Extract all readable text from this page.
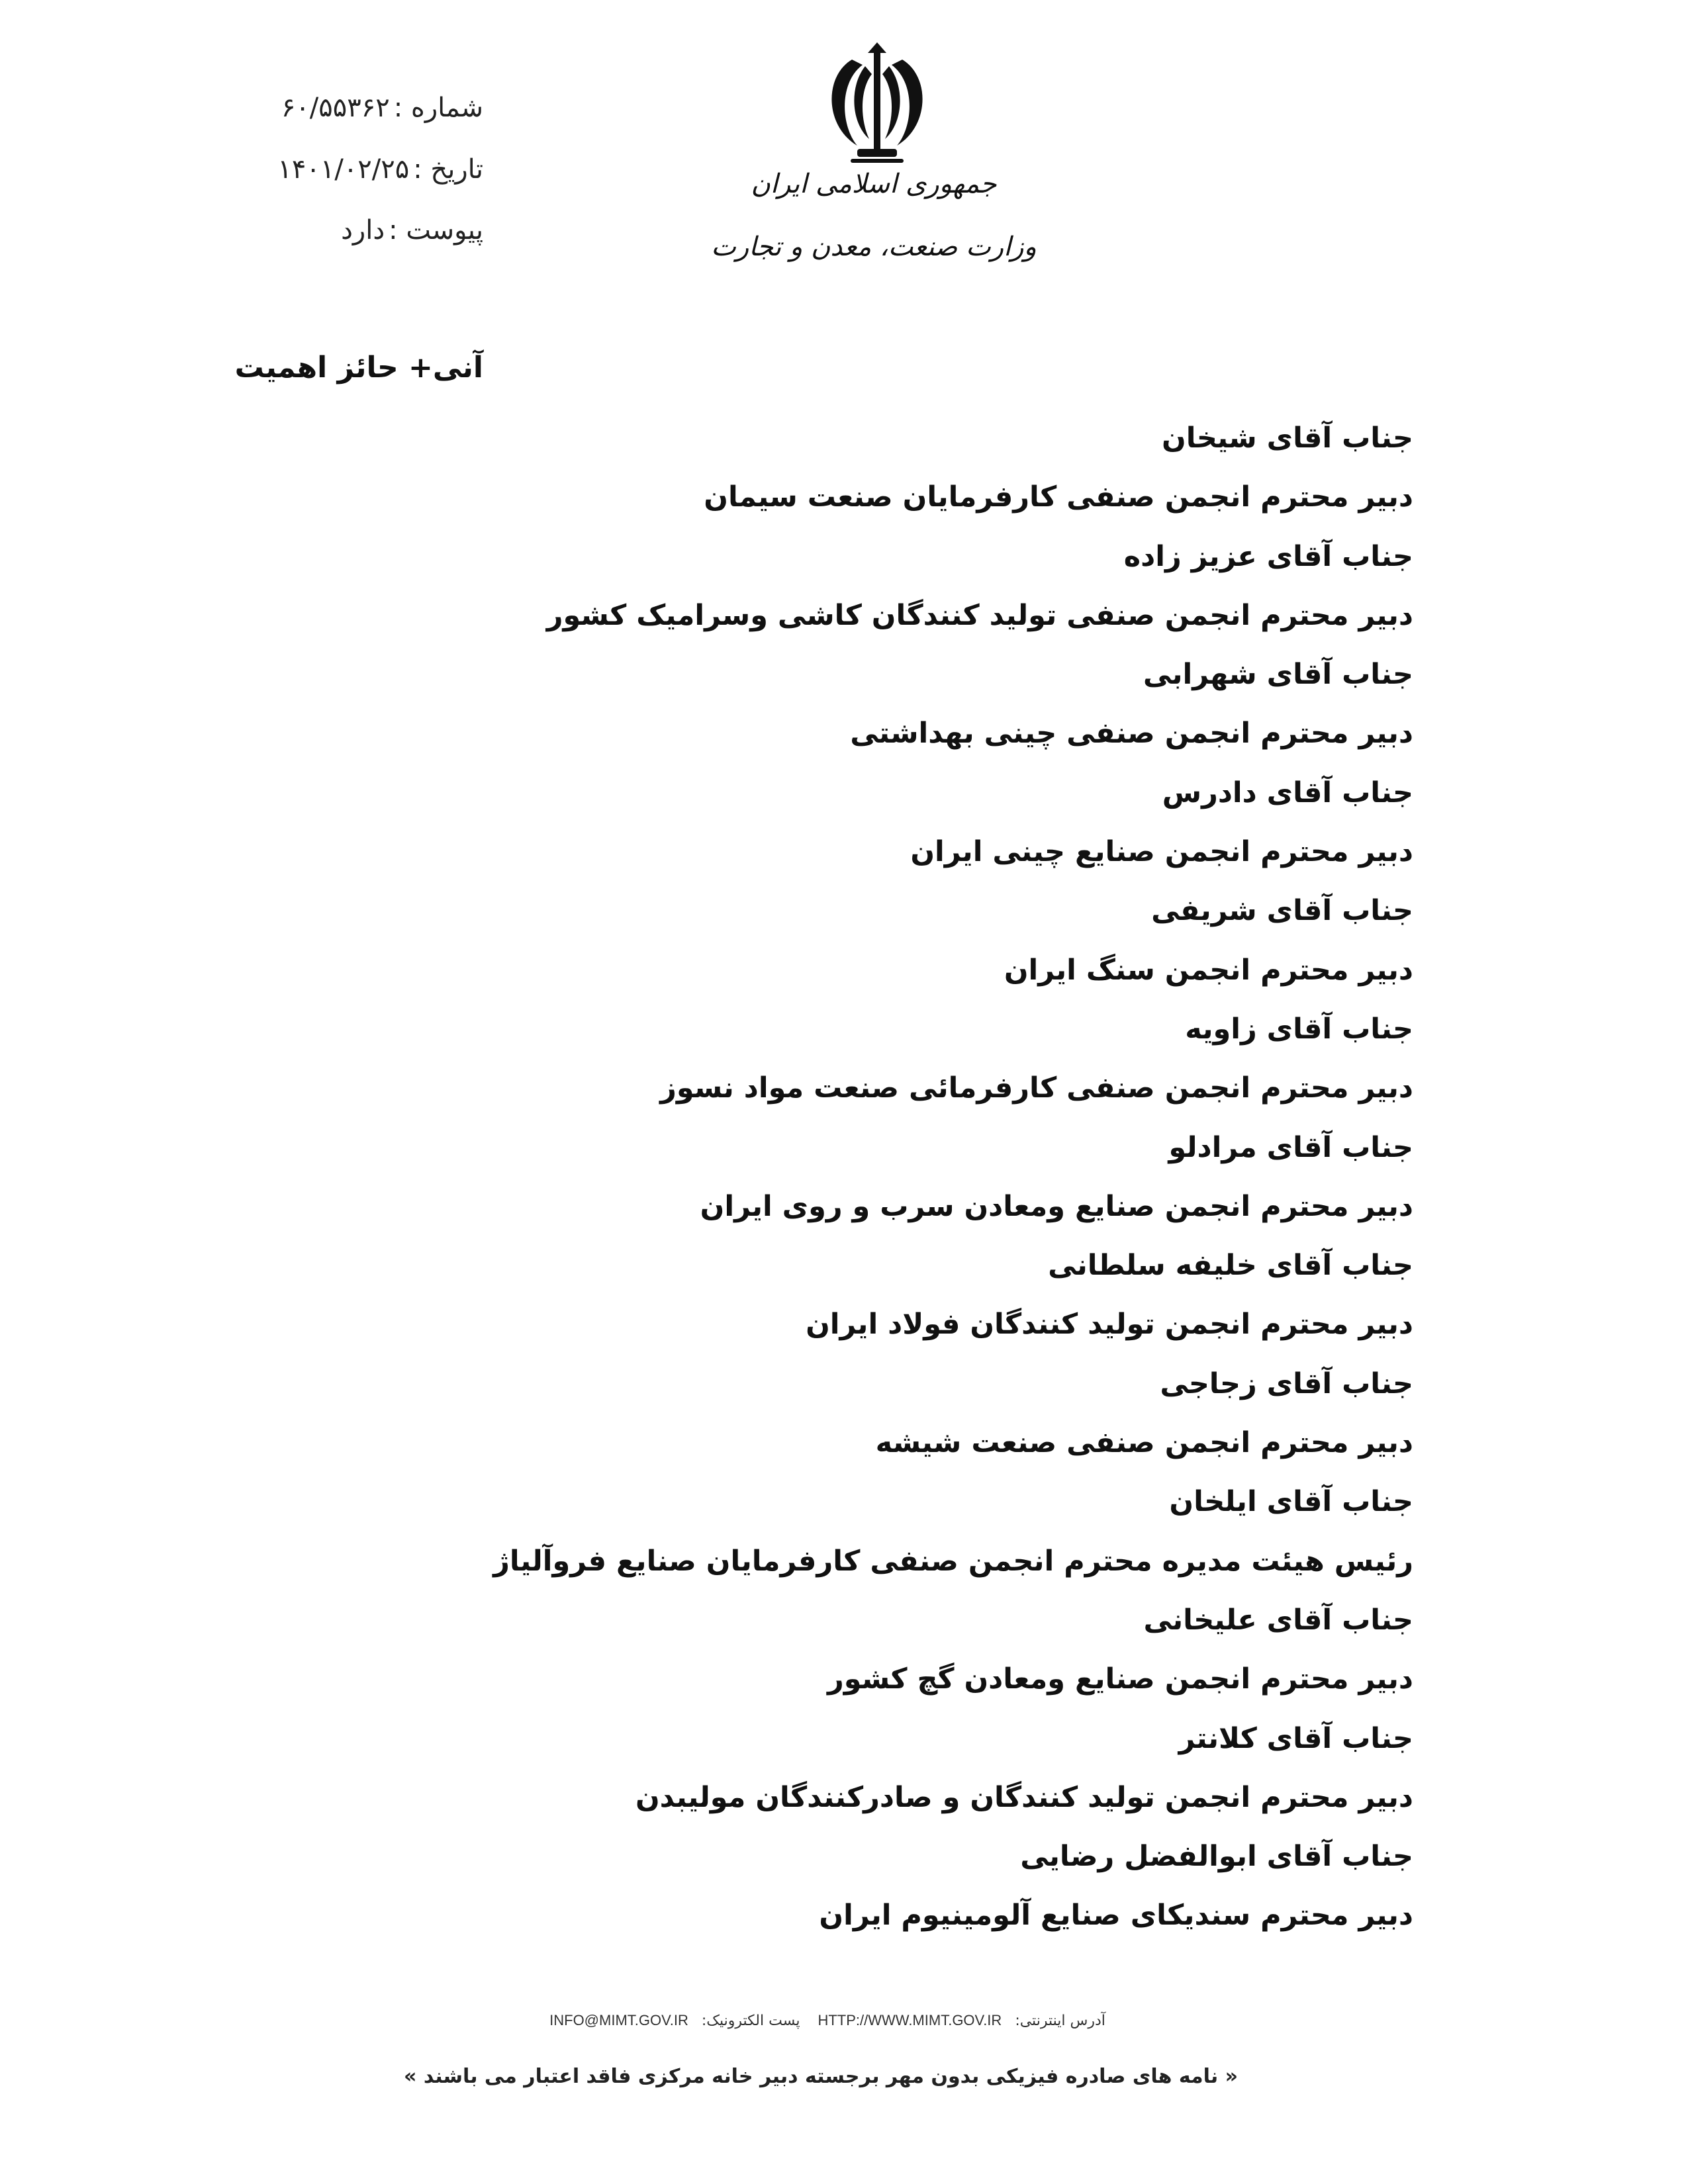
جمهوری اسلامی ایران
وزارت صنعت، معدن و تجارت
شماره :۶۰/۵۵۳۶۲
تاریخ :۱۴۰۱/۰۲/۲۵
پیوست :دارد
آنی+ حائز اهمیت
جناب آقای شیخان
دبیر محترم انجمن صنفی کارفرمایان صنعت سیمان
جناب آقای عزیز زاده
دبیر محترم انجمن صنفی تولید کنندگان کاشی وسرامیک کشور
جناب آقای شهرابی
دبیر محترم انجمن صنفی چینی بهداشتی
جناب آقای دادرس
دبیر محترم انجمن صنایع چینی ایران
جناب آقای شریفی
دبیر محترم انجمن سنگ ایران
جناب آقای زاویه
دبیر محترم انجمن صنفی کارفرمائی صنعت مواد نسوز
جناب آقای مرادلو
دبیر محترم انجمن صنایع ومعادن سرب و روی ایران
جناب آقای خلیفه سلطانی
دبیر محترم انجمن تولید کنندگان فولاد ایران
جناب آقای زجاجی
دبیر محترم انجمن صنفی صنعت شیشه
جناب آقای ایلخان
رئیس هیئت مدیره محترم انجمن صنفی کارفرمایان صنایع فروآلیاژ
جناب آقای علیخانی
دبیر محترم انجمن صنایع ومعادن گچ کشور
جناب آقای کلانتر
دبیر محترم انجمن تولید کنندگان و صادرکنندگان مولیبدن
جناب آقای ابوالفضل رضایی
دبیر محترم سندیکای صنایع آلومینیوم ایران
آدرس اینترنتی:HTTP://WWW.MIMT.GOV.IR پست الکترونیک:INFO@MIMT.GOV.IR
« نامه های صادره فیزیکی بدون مهر برجسته دبیر خانه مرکزی فاقد اعتبار می باشند »
